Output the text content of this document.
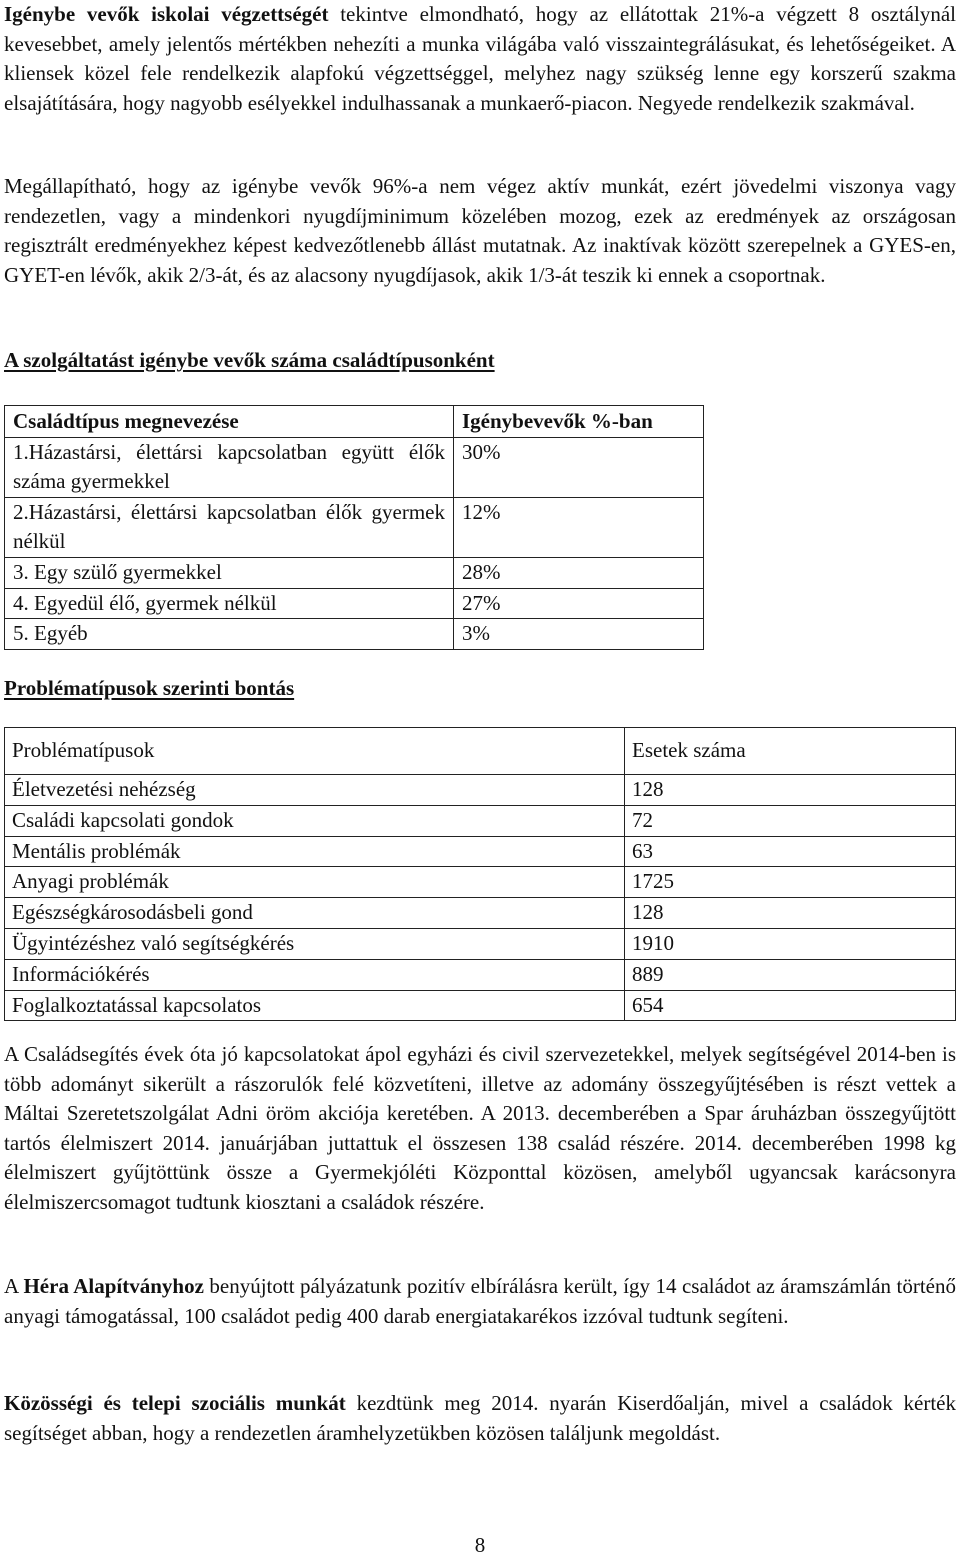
Igénybe vevők iskolai végzettségét tekintve elmondható, hogy az ellátottak 21%-a végzett 8 osztálynál kevesebbet, amely jelentős mértékben nehezíti a munka világába való visszaintegrálásukat, és lehetőségeiket. A kliensek közel fele rendelkezik alapfokú végzettséggel, melyhez nagy szükség lenne egy korszerű szakma elsajátítására, hogy nagyobb esélyekkel indulhassanak a munkaerő-piacon. Negyede rendelkezik szakmával.

Megállapítható, hogy az igénybe vevők 96%-a nem végez aktív munkát, ezért jövedelmi viszonya vagy rendezetlen, vagy a mindenkori nyugdíjminimum közelében mozog, ezek az eredmények az országosan regisztrált eredményekhez képest kedvezőtlenebb állást mutatnak. Az inaktívak között szerepelnek a GYES-en, GYET-en lévők, akik 2/3-át, és az alacsony nyugdíjasok, akik 1/3-át teszik ki ennek a csoportnak.

A szolgáltatást igénybe vevők száma családtípusonként
Családtípus megnevezése	Igénybevevők %-ban
1.Házastársi, élettársi kapcsolatban együtt élők száma gyermekkel	30%
2.Házastársi, élettársi kapcsolatban élők gyermek nélkül	12%
3. Egy szülő gyermekkel	28%
4. Egyedül élő, gyermek nélkül	27%
5. Egyéb	3%
Problématípusok szerinti bontás
Problématípusok	Esetek száma
Életvezetési nehézség	128
Családi kapcsolati gondok	72
Mentális problémák	63
Anyagi problémák	1725
Egészségkárosodásbeli gond	128
Ügyintézéshez való segítségkérés	1910
Információkérés	889
Foglalkoztatással kapcsolatos	654

A Családsegítés évek óta jó kapcsolatokat ápol egyházi és civil szervezetekkel, melyek segítségével 2014-ben is több adományt sikerült a rászorulók felé közvetíteni, illetve az adomány összegyűjtésében is részt vettek a Máltai Szeretetszolgálat Adni öröm akciója keretében. A 2013. decemberében a Spar áruházban összegyűjtött tartós élelmiszert 2014. januárjában juttattuk el összesen 138 család részére. 2014. decemberében 1998 kg élelmiszert gyűjtöttünk össze a Gyermekjóléti Központtal közösen, amelyből ugyancsak karácsonyra élelmiszercsomagot tudtunk kiosztani a családok részére.

A Héra Alapítványhoz benyújtott pályázatunk pozitív elbírálásra került, így 14 családot az áramszámlán történő anyagi támogatással, 100 családot pedig 400 darab energiatakarékos izzóval tudtunk segíteni.

Közösségi és telepi szociális munkát kezdtünk meg 2014. nyarán Kiserdőalján, mivel a családok kérték segítséget abban, hogy a rendezetlen áramhelyzetükben közösen találjunk megoldást.

8
